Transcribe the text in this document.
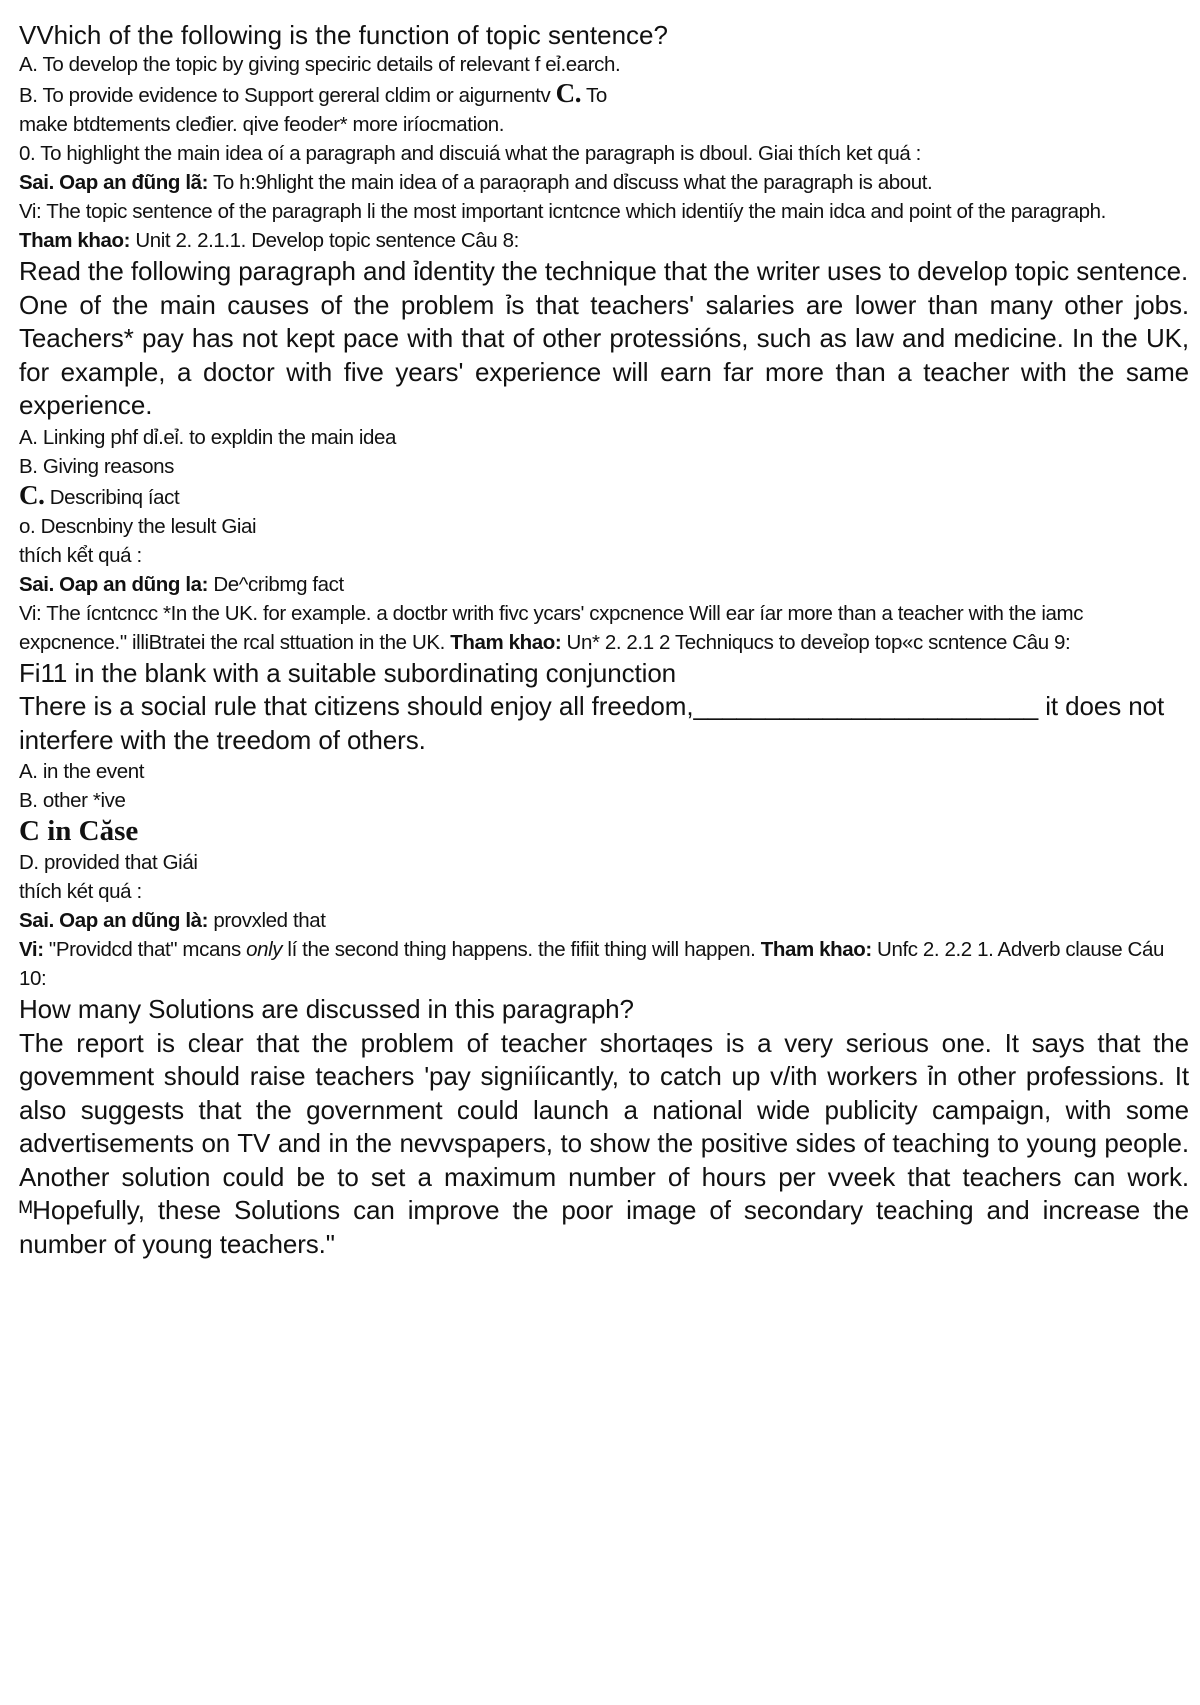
VVhich of the following is the function of topic sentence?

A. To develop the topic by giving speciric details of relevant f eỉ.earch.

B. To provide evidence to Support gereral cldim or aigurnentv C. To

make btdtements cleđier. qive feoder* more iríocmation.

0. To highlight the main idea oí a paragraph and discuiá what the paragraph is dboul. Giai thích ket quá :

Sai. Oap an đũng lã: To h:9hlight the main idea of a paraọraph and dỉscuss what the paragraph is about.

Vi: The topic sentence of the paragraph li the most important icntcnce which identiíy the main idca and point of the paragraph.

Tham khao: Unit 2. 2.1.1. Develop topic sentence Câu 8:

Read the following paragraph and ỉdentity the technique that the writer uses to develop topic sentence.

One of the main causes of the problem ỉs that teachers' salaries are lower than many other jobs. Teachers* pay has not kept pace with that of other protessións, such as law and medicine. In the UK, for example, a doctor with five years' experience will earn far more than a teacher with the same experience.

A. Linking phf dỉ.eỉ. to expldin the main idea

B. Giving reasons

C. Describinq íact

o. Descnbiny the lesult Giai

thích kểt quá :

Sai. Oap an dũng la: De^cribmg fact

Vi: The ícntcncc *In the UK. for example. a doctbr writh fivc ycars' cxpcnence Will ear íar more than a teacher with the iamc expcnence." illiBtratei the rcal sttuation in the UK. Tham khao: Un* 2. 2.1 2 Techniqucs to deveỉop top«c scntence Câu 9:

Fi11 in the blank with a suitable subordinating conjunction

There is a social rule that citizens should enjoy all freedom,________________________ it does not interfere with the treedom of others.

A. in the event

B. other *ive

C in Căse

D. provided that Giái

thích két quá :

Sai. Oap an dũng là: provxled that

Vi: "Providcd that" mcans only lí the second thing happens. the fifiit thing will happen. Tham khao: Unfc 2. 2.2 1. Adverb clause Cáu 10:

How many Solutions are discussed in this paragraph?

The report is clear that the problem of teacher shortaqes is a very serious one. It says that the govemment should raise teachers 'pay signiíicantly, to catch up v/ith workers ỉn other professions. It also suggests that the government could launch a national wide publicity campaign, with some advertisements on TV and in the nevvspapers, to show the positive sides of teaching to young people. Another solution could be to set a maximum number of hours per vveek that teachers can work. ᴹHopefully, these Solutions can improve the poor image of secondary teaching and increase the number of young teachers."
